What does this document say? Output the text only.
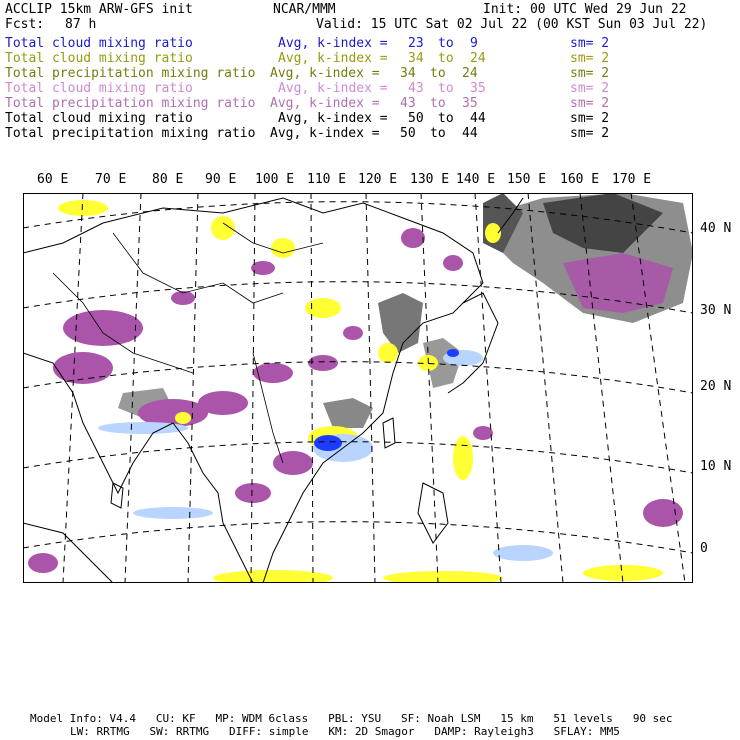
ACCLIP 15km ARW-GFS init	NCAR/MMM	Init: 00 UTC Wed 29 Jun 22
Fcst: 87 h	Valid: 15 UTC Sat 02 Jul 22 (00 KST Sun 03 Jul 22)
Total cloud mixing ratio	Avg, k-index = 23 to 9	sm= 2
Total cloud mixing ratio	Avg, k-index = 34 to 24	sm= 2
Total precipitation mixing ratio Avg, k-index = 34 to 24	sm= 2
Total cloud mixing ratio	Avg, k-index = 43 to 35	sm= 2
Total precipitation mixing ratio Avg, k-index = 43 to 35	sm= 2
Total cloud mixing ratio	Avg, k-index = 50 to 44	sm= 2
Total precipitation mixing ratio Avg, k-index = 50 to 44	sm= 2
60 E 70 E 80 E 90 E 100 E 110 E 120 E 130 E 140 E 150 E 160 E 170 E
40 N
30 N
20 N
10 N
0
Model Info: V4.4 CU: KF MP: WDM 6class PBL: YSU SF: Noah LSM 15 km 51 levels 90 sec
LW: RRTMG SW: RRTMG DIFF: simple KM: 2D Smagor DAMP: Rayleigh3 SFLAY: MM5
